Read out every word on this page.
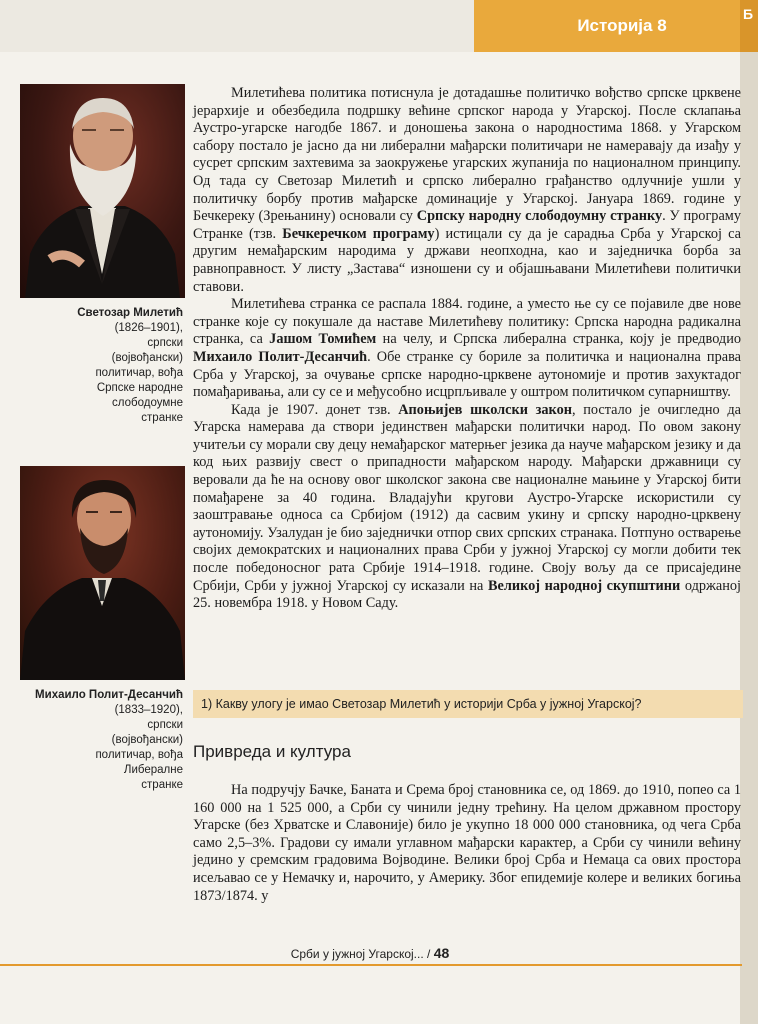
Историја 8
Б
Светозар Милетић
(1826–1901),
српски
(војвођански)
политичар, вођа
Српске народне
слободоумне
странке
Михаило Полит-Десанчић
(1833–1920),
српски
(војвођански)
политичар, вођа
Либералне
странке

Милетићева политика потиснула је дотадашње политичко вођство српске црквене јерархије и обезбедила подршку већине српског народа у Угарској. После склапања Аустро-угарске нагодбе 1867. и доношења закона о народностима 1868. у Угарском сабору постало је јасно да ни либерални мађарски политичари не намеравају да изађу у сусрет српским захтевима за заокружење угарских жупанија по националном принципу. Од тада су Светозар Милетић и српско либерално грађанство одлучније ушли у политичку борбу против мађарске доминације у Угарској. Јануара 1869. године у Бечкереку (Зрењанину) основали су Српску народну слободоумну странку. У програму Странке (тзв. Бечкеречком програму) истицали су да је сарадња Срба у Угарској са другим немађарским народима у држави неопходна, као и заједничка борба за равноправност. У листу „Застава“ изношени су и објашњавани Милетићеви политички ставови.

Милетићева странка се распала 1884. године, а уместо ње су се појавиле две нове странке које су покушале да наставе Милетићеву политику: Српска народна радикална странка, са Јашом Томићем на челу, и Српска либерална странка, коју је предводио Михаило Полит-Десанчић. Обе странке су бориле за политичка и национална права Срба у Угарској, за очување српске народно-црквене аутономије и против захуктадог помађаривања, али су се и међусобно исцрпљивале у оштром политичком супарништву.

Када је 1907. донет тзв. Апоњијев школски закон, постало је очигледно да Угарска намерава да створи јединствен мађарски политички народ. По овом закону учитељи су морали сву децу немађарског матерњег језика да науче мађарском језику и да код њих развију свест о припадности мађарском народу. Мађарски државници су веровали да ће на основу овог школског закона све националне мањине у Угарској бити помађарене за 40 година. Владајући кругови Аустро-Угарске искористили су заоштравање односа са Србијом (1912) да сасвим укину и српску народно-црквену аутономију. Узалудан је био заједнички отпор свих српских странака. Потпуно остварење својих демократских и националних права Срби у јужној Угарској су могли добити тек после победоносног рата Србије 1914–1918. године. Своју вољу да се присаједине Србији, Срби у јужној Угарској су исказали на Великој народној скупштини одржаној 25. новембра 1918. у Новом Саду.

1) Какву улогу је имао Светозар Милетић у историји Срба у јужној Угарској?
Привреда и култура

На подручју Бачке, Баната и Срема број становника се, од 1869. до 1910, попео са 1 160 000 на 1 525 000, а Срби су чинили једну трећину. На целом државном простору Угарске (без Хрватске и Славоније) било је укупно 18 000 000 становника, од чега Срба само 2,5–3%. Градови су имали углавном мађарски карактер, а Срби су чинили већину једино у сремским градовима Војводине. Велики број Срба и Немаца са ових простора исељавао се у Немачку и, нарочито, у Америку. Због епидемије колере и великих богиња 1873/1874. у

Срби у јужној Угарској... / 48
